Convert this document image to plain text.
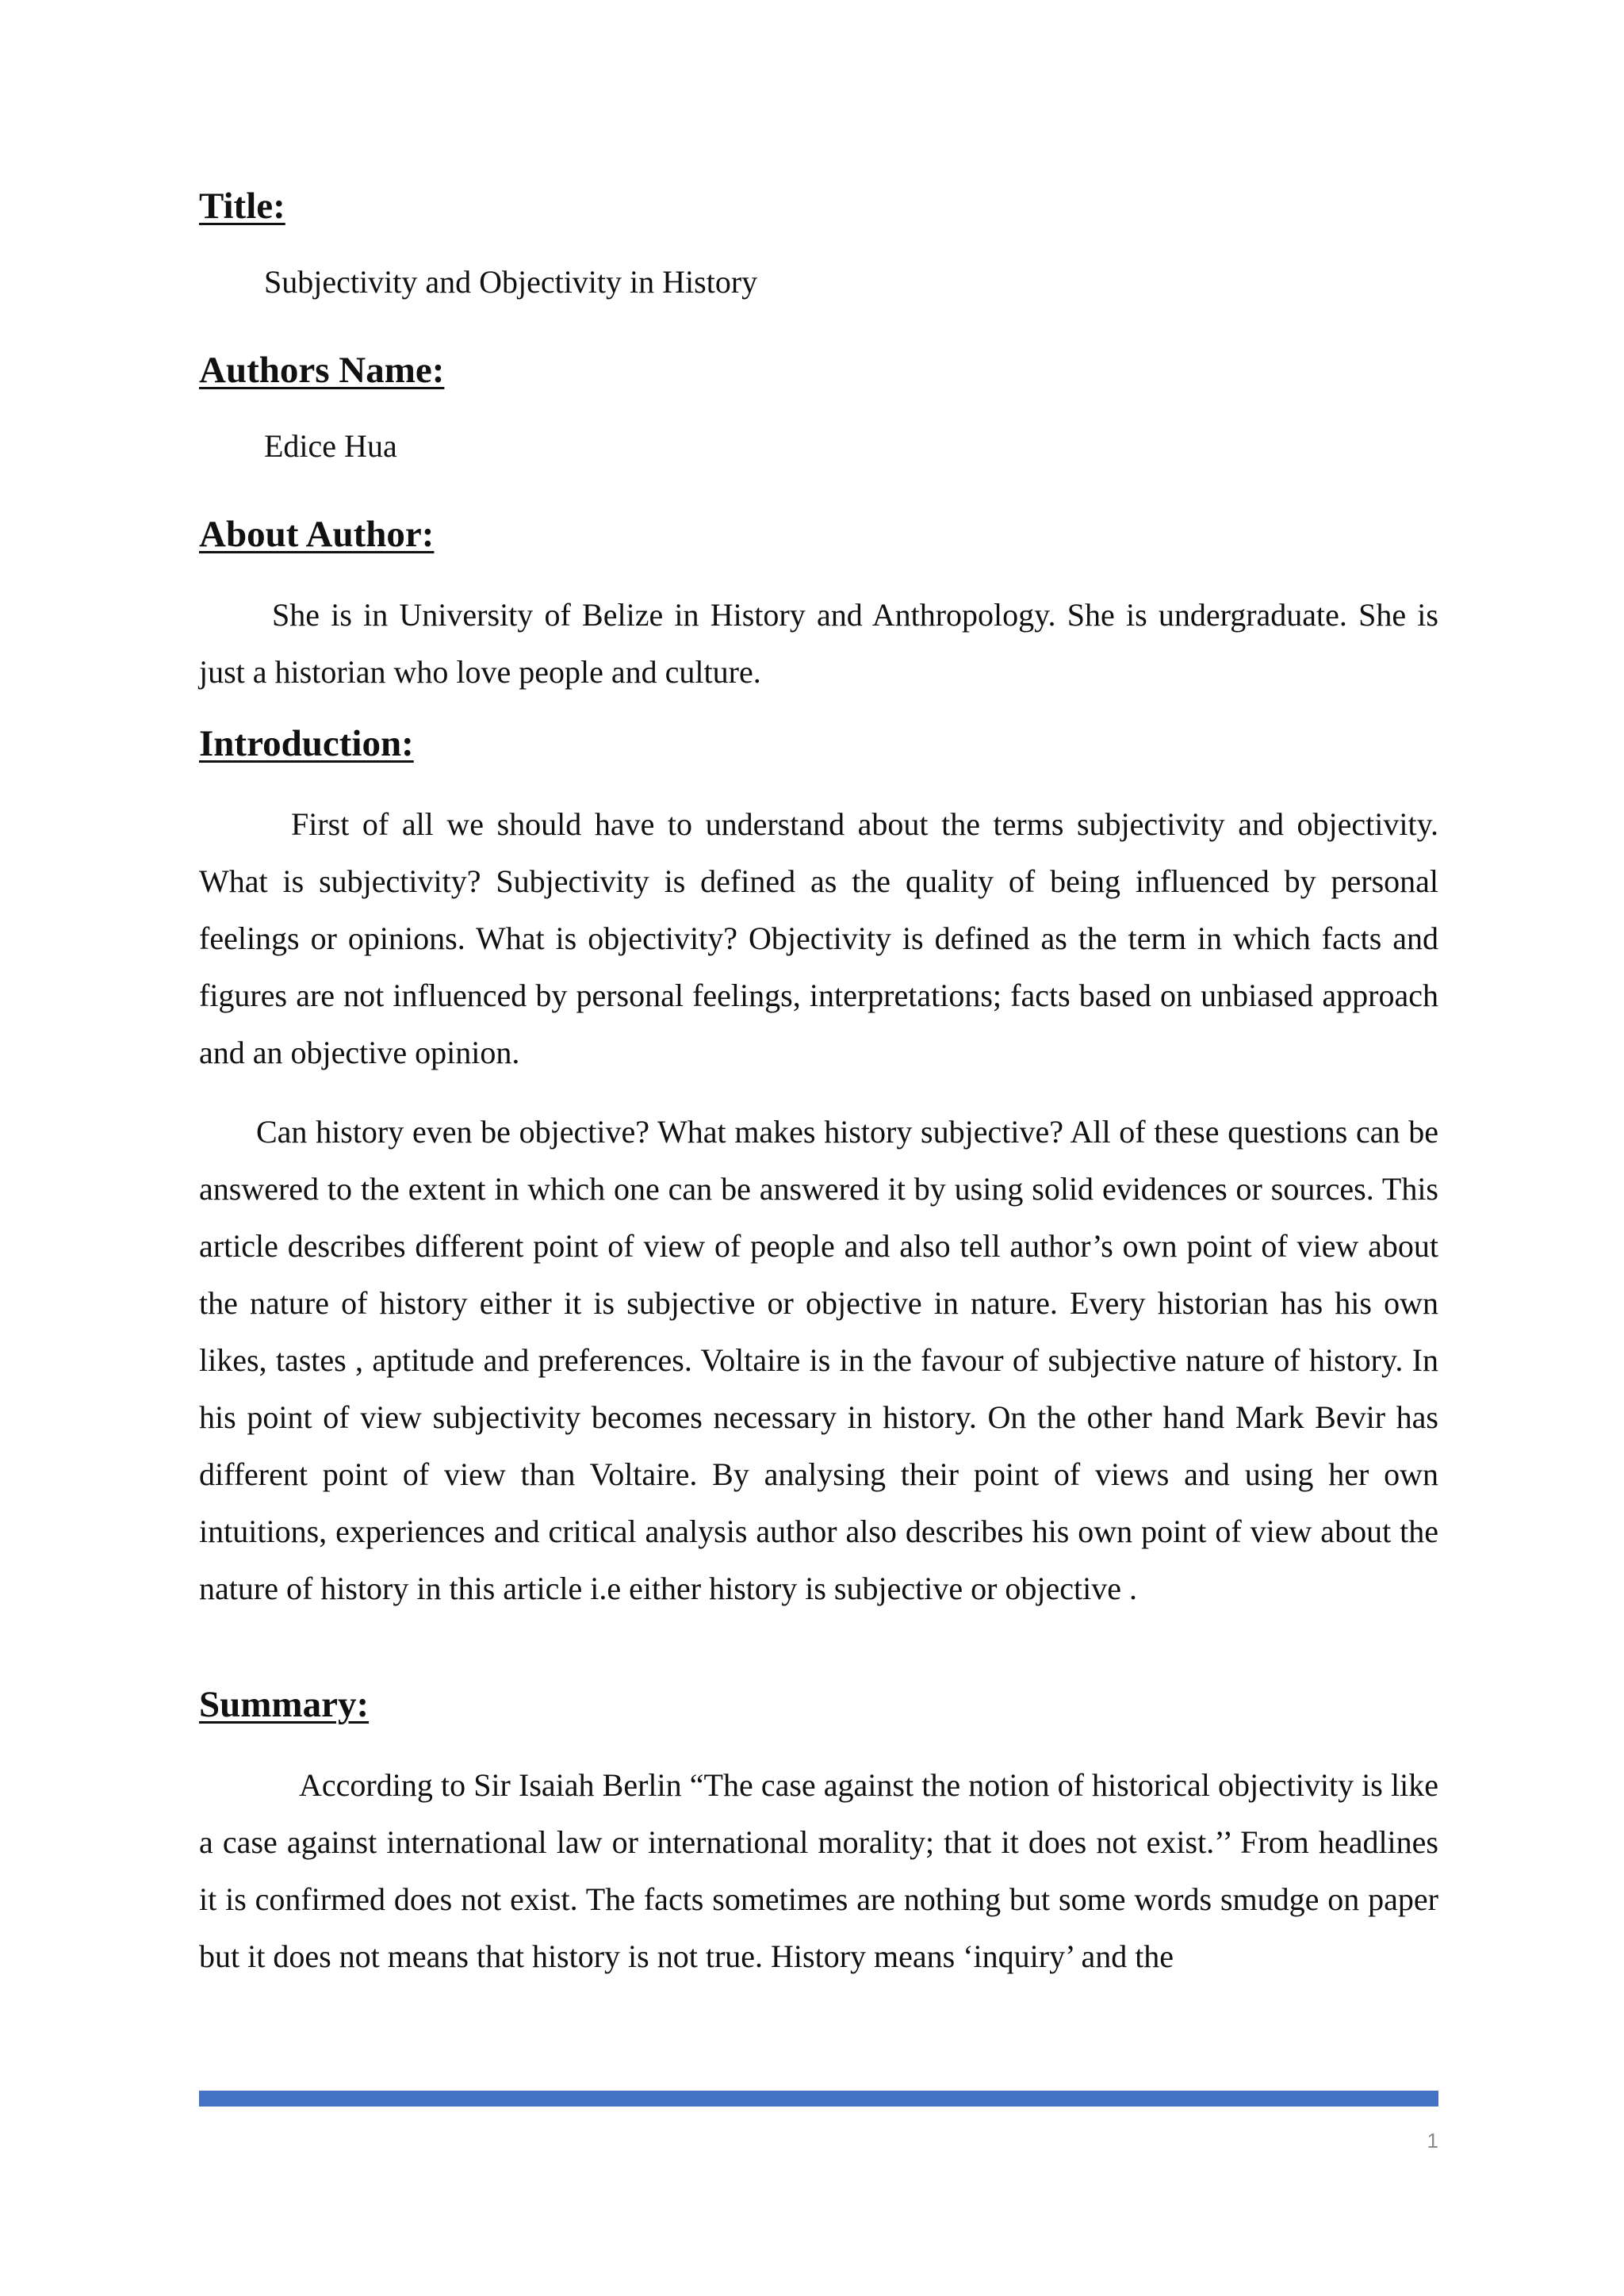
Title:

Subjectivity and Objectivity in History

Authors Name:

Edice Hua

About Author:

She is in University of Belize in History and Anthropology. She is undergraduate. She is just a historian who love people and culture.

Introduction:

First of all we should have to understand about the terms subjectivity and objectivity. What is subjectivity? Subjectivity is defined as the quality of being influenced by personal feelings or opinions. What is objectivity? Objectivity is defined as the term in which facts and figures are not influenced by personal feelings, interpretations; facts based on unbiased approach and an objective opinion.

Can history even be objective? What makes history subjective? All of these questions can be answered to the extent in which one can be answered it by using solid evidences or sources. This article describes different point of view of people and also tell author’s own point of view about the nature of history either it is subjective or objective in nature. Every historian has his own likes, tastes , aptitude and preferences. Voltaire is in the favour of subjective nature of history. In his point of view subjectivity becomes necessary in history. On the other hand Mark Bevir has different point of view than Voltaire. By analysing their point of views and using her own intuitions, experiences and critical analysis author also describes his own point of view about the nature of history in this article i.e either history is subjective or objective .

Summary:

According to Sir Isaiah Berlin “The case against the notion of historical objectivity is like a case against international law or international morality; that it does not exist.’’ From headlines it is confirmed does not exist. The facts sometimes are nothing but some words smudge on paper but it does not means that history is not true. History means ‘inquiry’ and the

1
